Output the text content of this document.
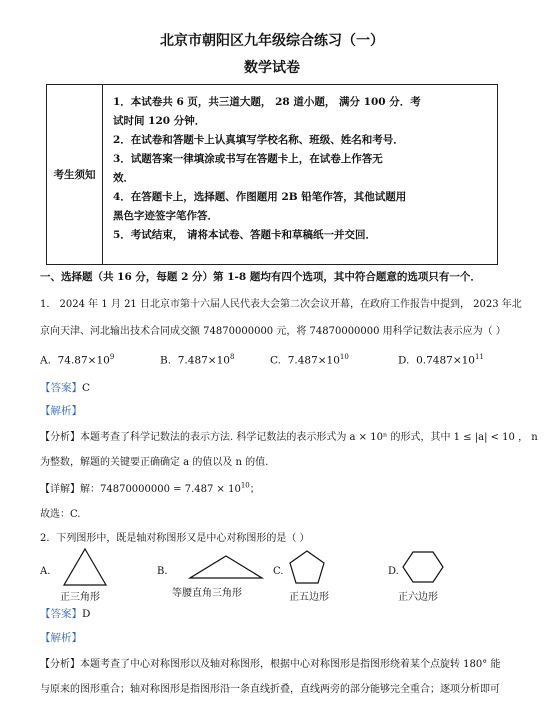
北京市朝阳区九年级综合练习（一）
数学试卷
考生须知
1．本试卷共 6 页，共三道大题， 28 道小题， 满分 100 分．考
试时间 120 分钟．
2．在试卷和答题卡上认真填写学校名称、班级、姓名和考号．
3．试题答案一律填涂或书写在答题卡上，在试卷上作答无
效．
4．在答题卡上，选择题、作图题用 2B 铅笔作答，其他试题用
黑色字迹签字笔作答．
5．考试结束， 请将本试卷、答题卡和草稿纸一并交回．
一、选择题（共 16 分，每题 2 分）第 1-8 题均有四个选项，其中符合题意的选项只有一个．
1． 2024 年 1 月 21 日北京市第十六届人民代表大会第二次会议开幕，在政府工作报告中提到， 2023 年北
京向天津、河北输出技术合同成交额 74870000000 元，将 74870000000 用科学记数法表示应为（ ）
A. $74.87\times 10^9$	B. $7.487\times 10^8$	C. $7.487\times 10^{10}$	D. $0.7487\times 10^{11}$
【答案】C
【解析】
【分析】本题考查了科学记数法的表示方法. 科学记数法的表示形式为 a × 10ⁿ 的形式，其中 1 ≤ |a| < 10 ， n
为整数，解题的关键要正确确定 a 的值以及 n 的值.
【详解】解：$74870000000 = 7.487 \times 10^{10}$；
故选：C.
2．下列图形中，既是轴对称图形又是中心对称图形的是（ ）
A.
正三角形
B.
等腰直角三角形
C.
正五边形
D.
正六边形
【答案】D
【解析】
【分析】本题考查了中心对称图形以及轴对称图形，根据中心对称图形是指图形绕着某个点旋转 180° 能
与原来的图形重合；轴对称图形是指图形沿一条直线折叠，直线两旁的部分能够完全重合；逐项分析即可
